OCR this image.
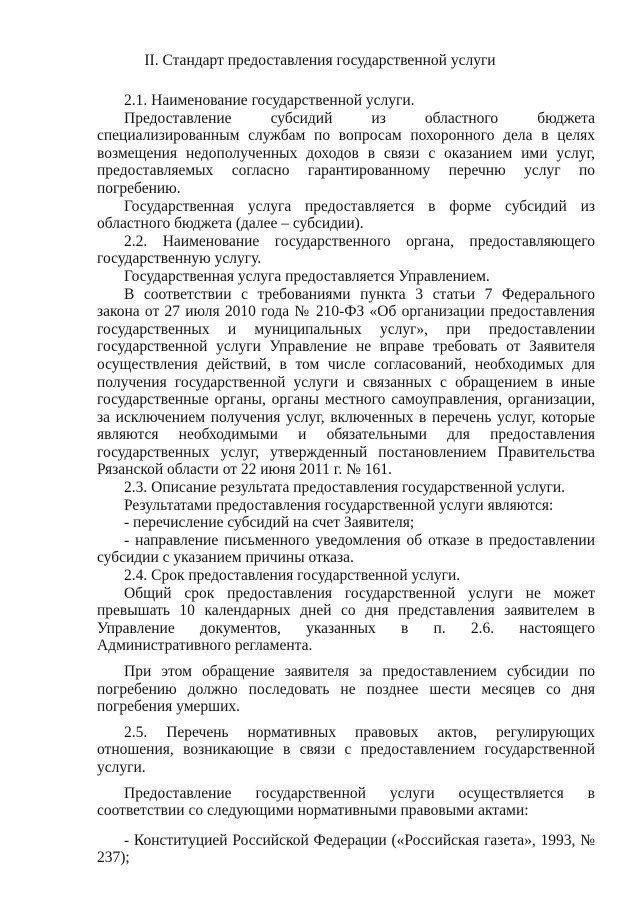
II. Стандарт предоставления государственной услуги

2.1. Наименование государственной услуги.

Предоставление субсидий из областного бюджета специализированным службам по вопросам похоронного дела в целях возмещения недополученных доходов в связи с оказанием ими услуг, предоставляемых согласно гарантированному перечню услуг по погребению.

Государственная услуга предоставляется в форме субсидий из областного бюджета (далее – субсидии).

2.2. Наименование государственного органа, предоставляющего государственную услугу.

Государственная услуга предоставляется Управлением.

В соответствии с требованиями пункта 3 статьи 7 Федерального закона от 27 июля 2010 года № 210-ФЗ «Об организации предоставления государственных и муниципальных услуг», при предоставлении государственной услуги Управление не вправе требовать от Заявителя осуществления действий, в том числе согласований, необходимых для получения государственной услуги и связанных с обращением в иные государственные органы, органы местного самоуправления, организации, за исключением получения услуг, включенных в перечень услуг, которые являются необходимыми и обязательными для предоставления государственных услуг, утвержденный постановлением Правительства Рязанской области от 22 июня 2011 г. № 161.

2.3. Описание результата предоставления государственной услуги.

Результатами предоставления государственной услуги являются:

- перечисление субсидий на счет Заявителя;

- направление письменного уведомления об отказе в предоставлении субсидии с указанием причины отказа.

2.4. Срок предоставления государственной услуги.

Общий срок предоставления государственной услуги не может превышать 10 календарных дней со дня представления заявителем в Управление документов, указанных в п. 2.6. настоящего Административного регламента.

При этом обращение заявителя за предоставлением субсидии по погребению должно последовать не позднее шести месяцев со дня погребения умерших.

2.5. Перечень нормативных правовых актов, регулирующих отношения, возникающие в связи с предоставлением государственной услуги.

Предоставление государственной услуги осуществляется в соответствии со следующими нормативными правовыми актами:

- Конституцией Российской Федерации («Российская газета», 1993, № 237);
